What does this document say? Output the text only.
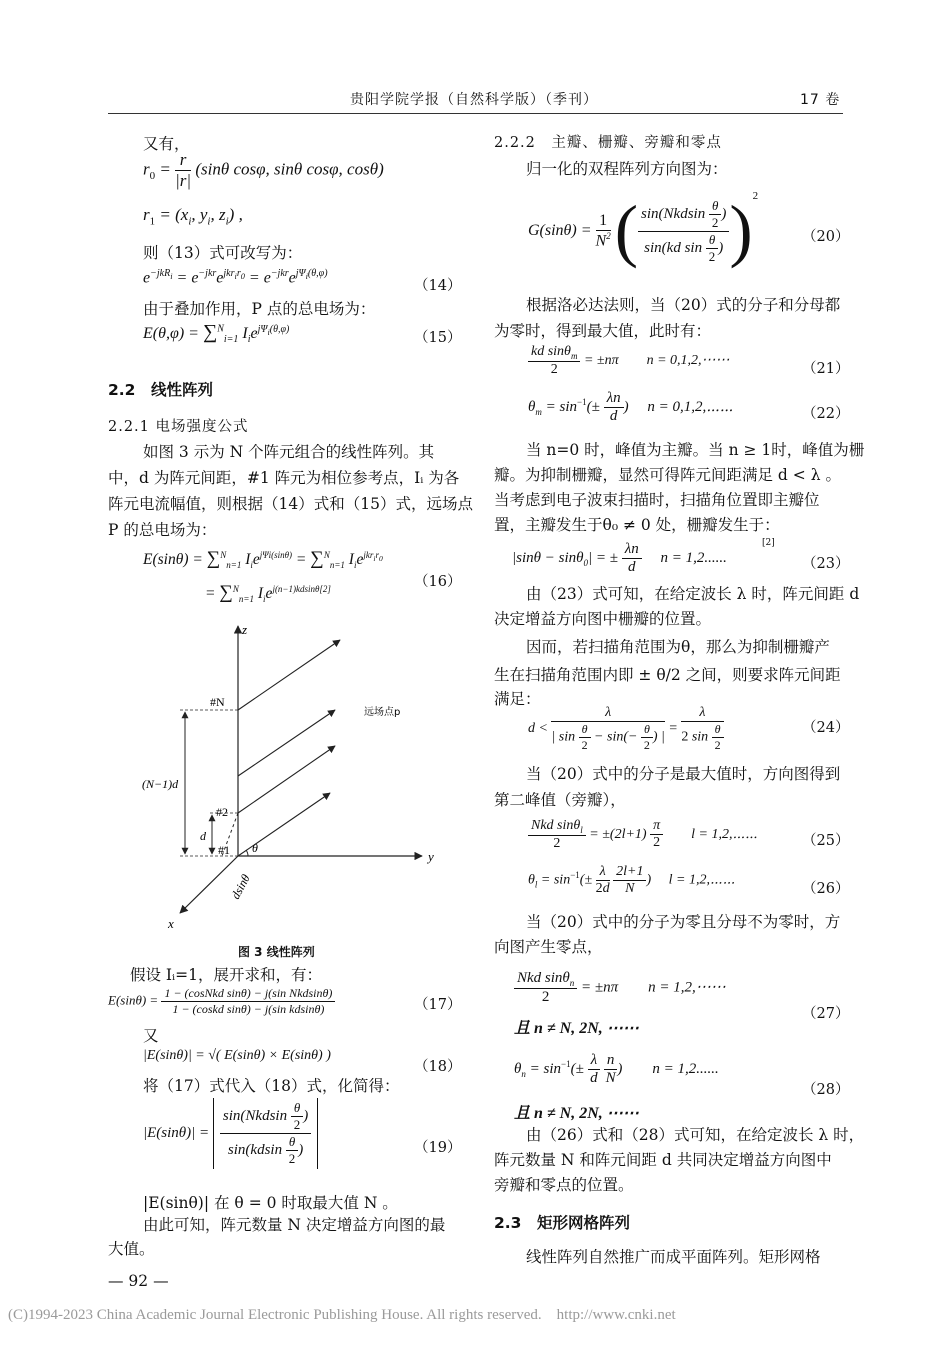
贵阳学院学报（自然科学版）（季刊）	17 卷
又有，
$r_0 = \frac{r}{|r|} (\sin\theta$ cosφ, sinθ cosφ, cosθ)
$r_1 = (x_i$, $y_i$, $z_i$) ,
则（13）式可改写为：
$e^{-jkR_i} = e^{-jkr}e^{jkr_ir_0} = e^{-jkr}e^{j\Psi_i(\theta,\varphi)}$
（14）
由于叠加作用，P 点的总电场为：
E(θ,φ) = ∑$^N_{i=1}$ $I_ie^{j\Psi_i(\theta,\varphi)}$
（15）
2.2　线性阵列
2.2.1 电场强度公式
如图 3 示为 N 个阵元组合的线性阵列。其
中，d 为阵元间距，#1 阵元为相位参考点，Iᵢ 为各
阵元电流幅值，则根据（14）式和（15）式，远场点
P 的总电场为：
E(sinθ) = ∑$^N_{n=1}$ $I_ie^{j\Psi i(sin\theta)} = \sum^N_{n=1}$ $I_ie^{jkr_ir_0}$
= ∑$^N_{n=1}$ $I_ie^{j(n-1)kdsin\theta[2]}$	（16）
z
y
x
远场点p
#N
#2
#1
(N−1)d
d
θ
dsinθ
图 3 线性阵列
假设 Iᵢ=1，展开求和，有：
$E(\sin\theta) = \frac{\text{1 − (cosNkd sinθ) − j(sin Nkdsinθ)}}{\text{1 − (coskd sinθ) − j(sin kdsinθ)}}$	（17）
又
|E(sinθ)| = √( E(sinθ) × E(sinθ) )
（18）
将（17）式代入（18）式，化简得：
$|E(\sin\theta)| = \frac{\sin(Nkdsin \frac{\theta}{2} )}{\sin(kdsin \frac{\theta}{2} )}$	（19）
|E(sinθ)| 在 θ = 0 时取最大值 N 。
由此可知，阵元数量 N 决定增益方向图的最
大值。
— 92 —
2.2.2　主瓣、栅瓣、旁瓣和零点
归一化的双程阵列方向图为：
$G(\sin\theta) = \frac{1}{N^2}$ ( $\frac{\sin(Nkdsin \frac{\theta}{2} )}{\sin(kd \sin \frac{\theta}{2} )} )^2$
（20）
根据洛必达法则，当（20）式的分子和分母都
为零时，得到最大值，此时有：
$\frac{kd \sin\theta_m}{2} = \pm n\pi$　　n = 0,1,2,⋯⋯
（21）
$\theta_m = \sin^{-1}(\pm \frac{\lambda n}{d}$ )　 n = 0,1,2,⋯⋯	（22）
当 n=0 时，峰值为主瓣。当 n ≥ 1时，峰值为栅
瓣。为抑制栅瓣，显然可得阵元间距满足 d < λ 。
当考虑到电子波束扫描时，扫描角位置即主瓣位
置，主瓣发生于θ₀ ≠ 0 处，栅瓣发生于：
|sinθ − sinθ$_0$| = ± $\frac{\lambda n}{d}$ 　 n = 1,2......
[2]
（23）
由（23）式可知，在给定波长 λ 时，阵元间距 d
决定增益方向图中栅瓣的位置。
因而，若扫描角范围为θ，那么为抑制栅瓣产
生在扫描角范围内即 ± θ/2 之间，则要求阵元间距
满足：
$d < \frac{\lambda}{| \sin \frac{\theta}{2} - \sin(- \frac{\theta}{2} ) |} = \frac{\lambda}{2 \sin \frac{\theta}{2}}$	（24）
当（20）式中的分子是最大值时，方向图得到
第二峰值（旁瓣），
$\frac{Nkd \sin\theta_l}{2} = \pm(2l+1) \frac{\pi}{2}$ 　　l = 1,2,⋯⋯	（25）
$\theta_l = \sin^{-1}(\pm \frac{\lambda}{2d}$
$\frac{2l+1}{N}$ )　 l = 1,2,⋯⋯
（26）
当（20）式中的分子为零且分母不为零时，方
向图产生零点，
$\frac{Nkd \sin\theta_n}{2} = \pm n\pi$　　n = 1,2,⋯⋯
且 n ≠ N, 2N, ⋯⋯
（27）
$\theta_n = \sin^{-1}(\pm \frac{\lambda}{d}$
$\frac{n}{N}$ )　　n = 1,2......
且 n ≠ N, 2N, ⋯⋯
（28）
由（26）式和（28）式可知，在给定波长 λ 时，
阵元数量 N 和阵元间距 d 共同决定增益方向图中
旁瓣和零点的位置。
2.3　矩形网格阵列
线性阵列自然推广而成平面阵列。矩形网格
(C)1994-2023 China Academic Journal Electronic Publishing House. All rights reserved.　http://www.cnki.net
